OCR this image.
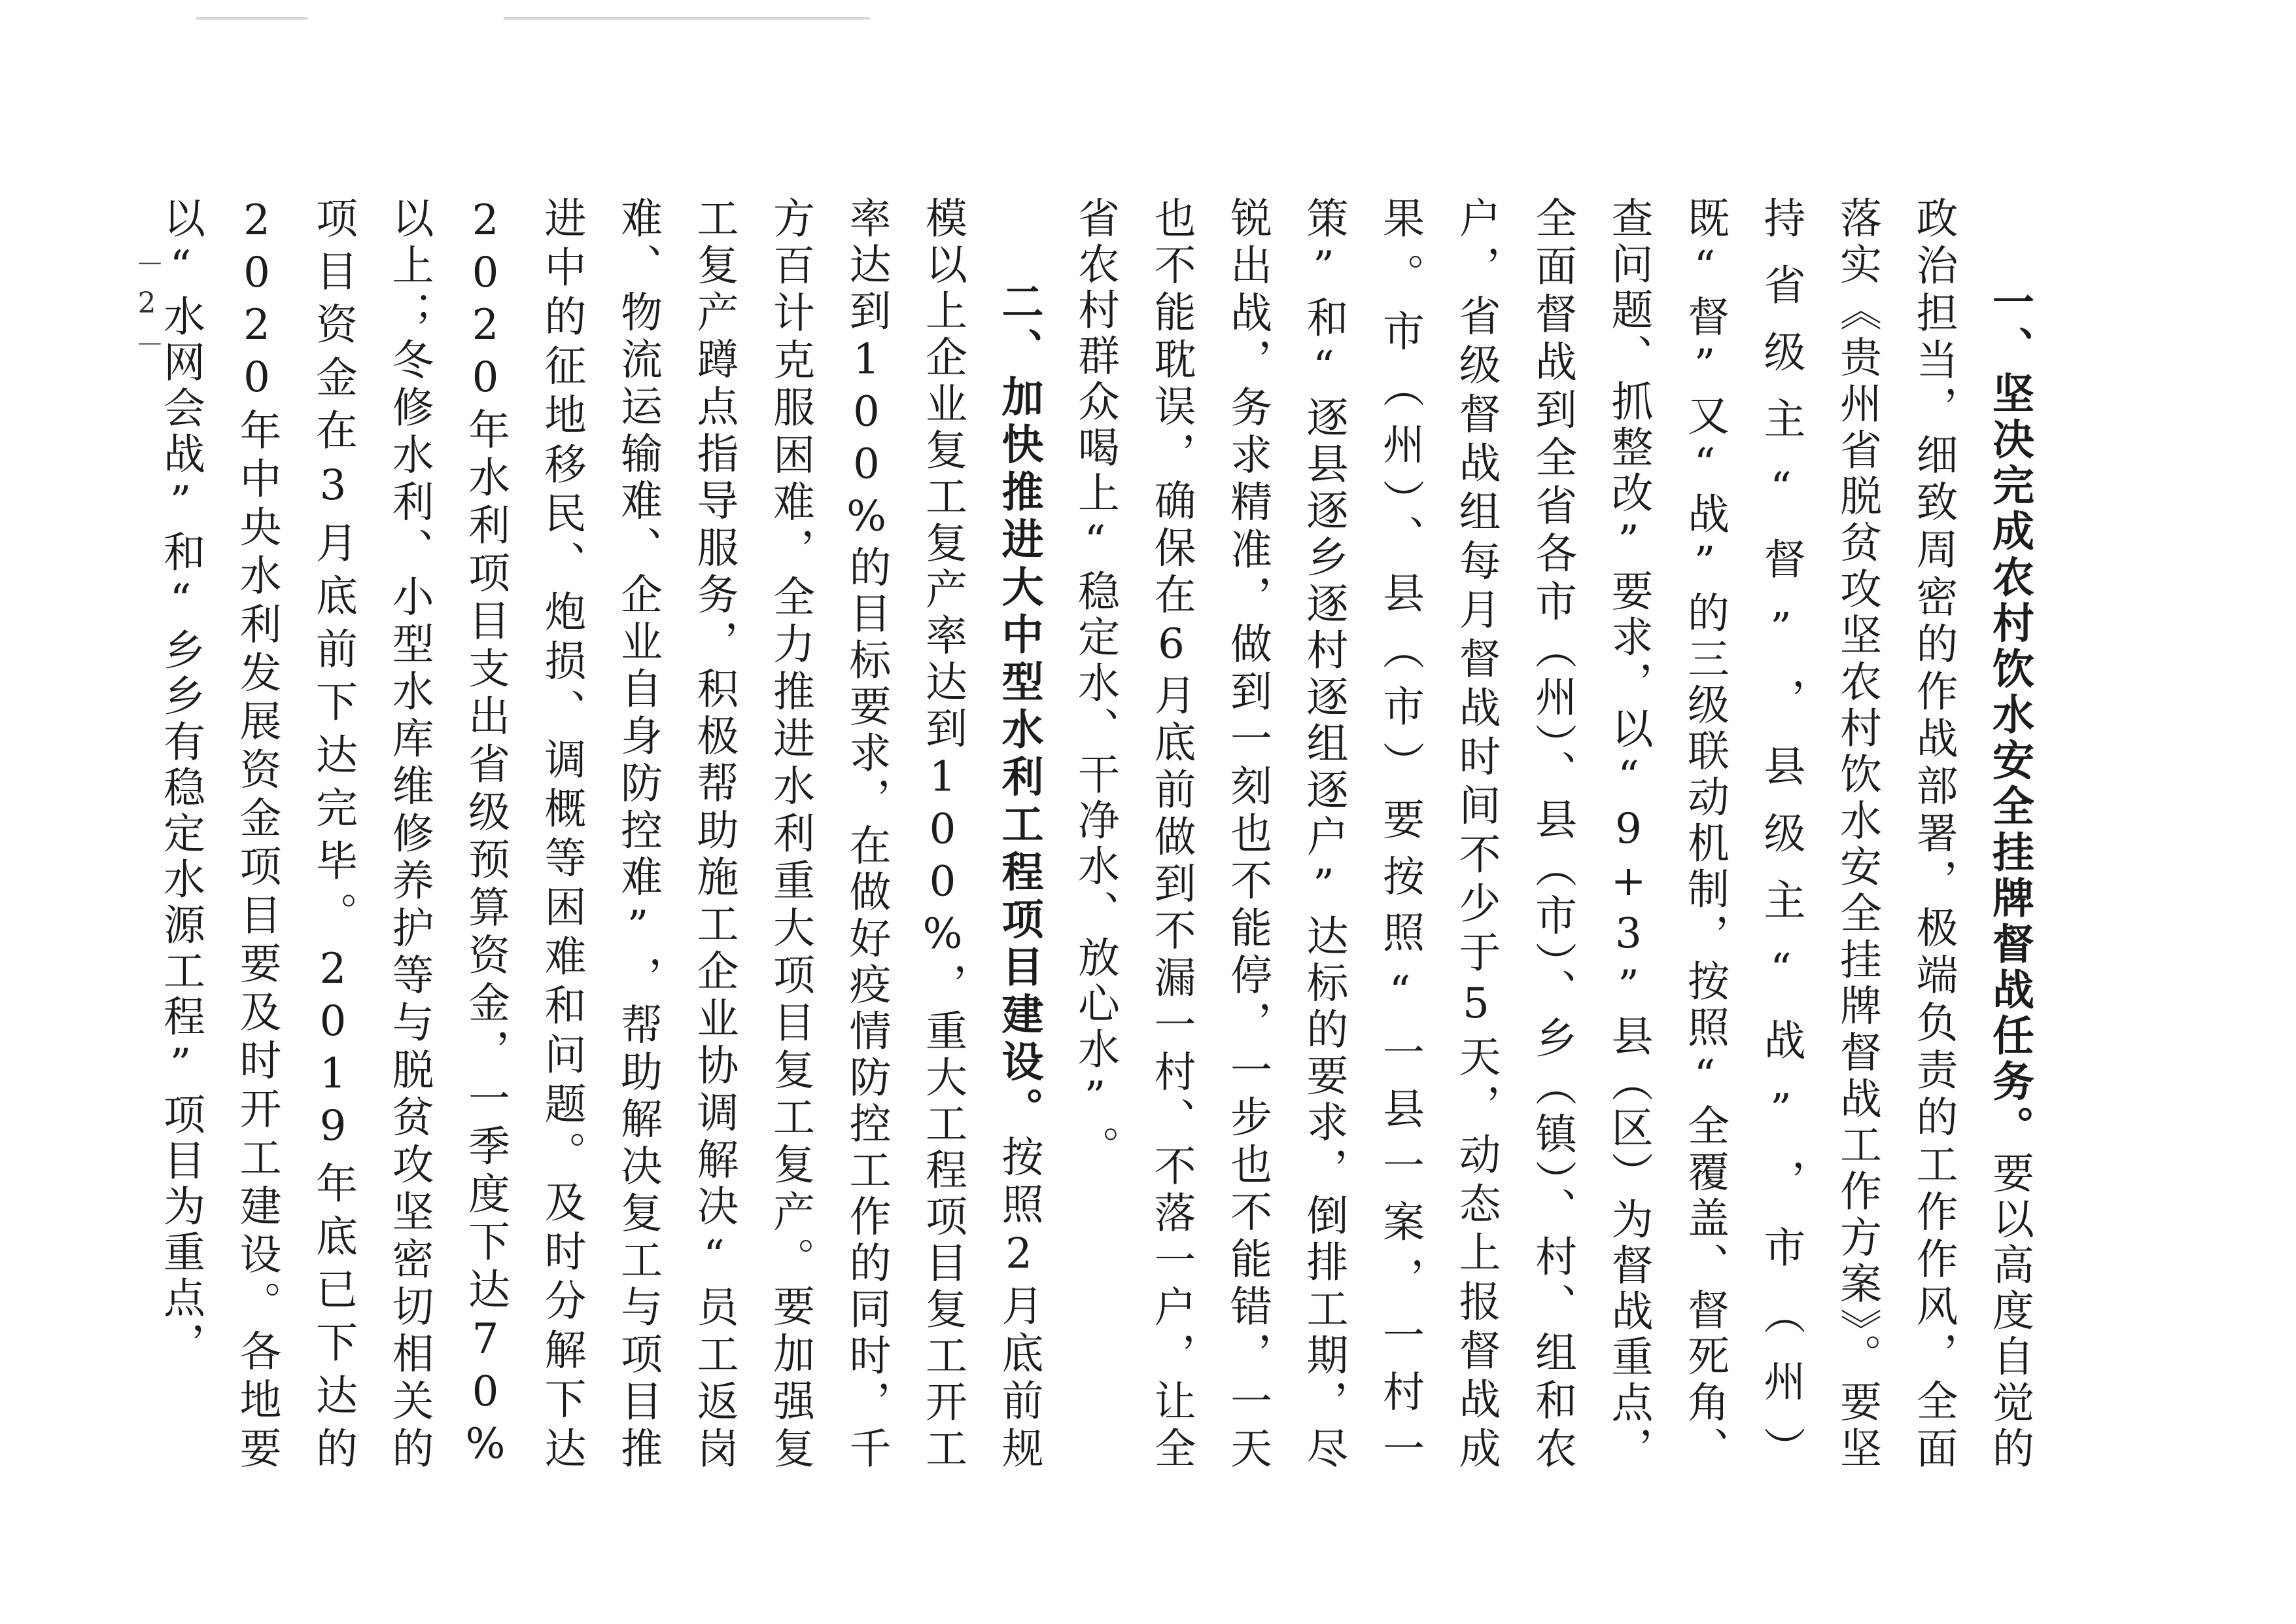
一、坚决完成农村饮水安全挂牌督战任务。要以高度自觉的政治担当，细致周密的作战部署，极端负责的工作作风，全面落实《贵州省脱贫攻坚农村饮水安全挂牌督战工作方案》。要坚持省级主“督”，县级主“战”，市（州）既“督”又“战”的三级联动机制，按照“全覆盖、督死角、查问题、抓整改”要求，以“9+3”县（区）为督战重点，全面督战到全省各市（州）、县（市）、乡（镇）、村、组和农户，省级督战组每月督战时间不少于5天，动态上报督战成果。市（州）、县（市）要按照“一县一案，一村一策”和“逐县逐乡逐村逐组逐户”达标的要求，倒排工期，尽锐出战，务求精准，做到一刻也不能停，一步也不能错，一天也不能耽误，确保在6月底前做到不漏一村、不落一户，让全省农村群众喝上“稳定水、干净水、放心水”。

二、加快推进大中型水利工程项目建设。按照2月底前规模以上企业复工复产率达到100%，重大工程项目复工开工率达到100%的目标要求，在做好疫情防控工作的同时，千方百计克服困难，全力推进水利重大项目复工复产。要加强复工复产蹲点指导服务，积极帮助施工企业协调解决“员工返岗难、物流运输难、企业自身防控难”，帮助解决复工与项目推进中的征地移民、炮损、调概等困难和问题。及时分解下达2020年水利项目支出省级预算资金，一季度下达70%以上；冬修水利、小型水库维修养护等与脱贫攻坚密切相关的项目资金在3月底前下达完毕。2019年底已下达的2020年中央水利发展资金项目要及时开工建设。各地要以“水网会战”和“乡乡有稳定水源工程”项目为重点，

－2－
